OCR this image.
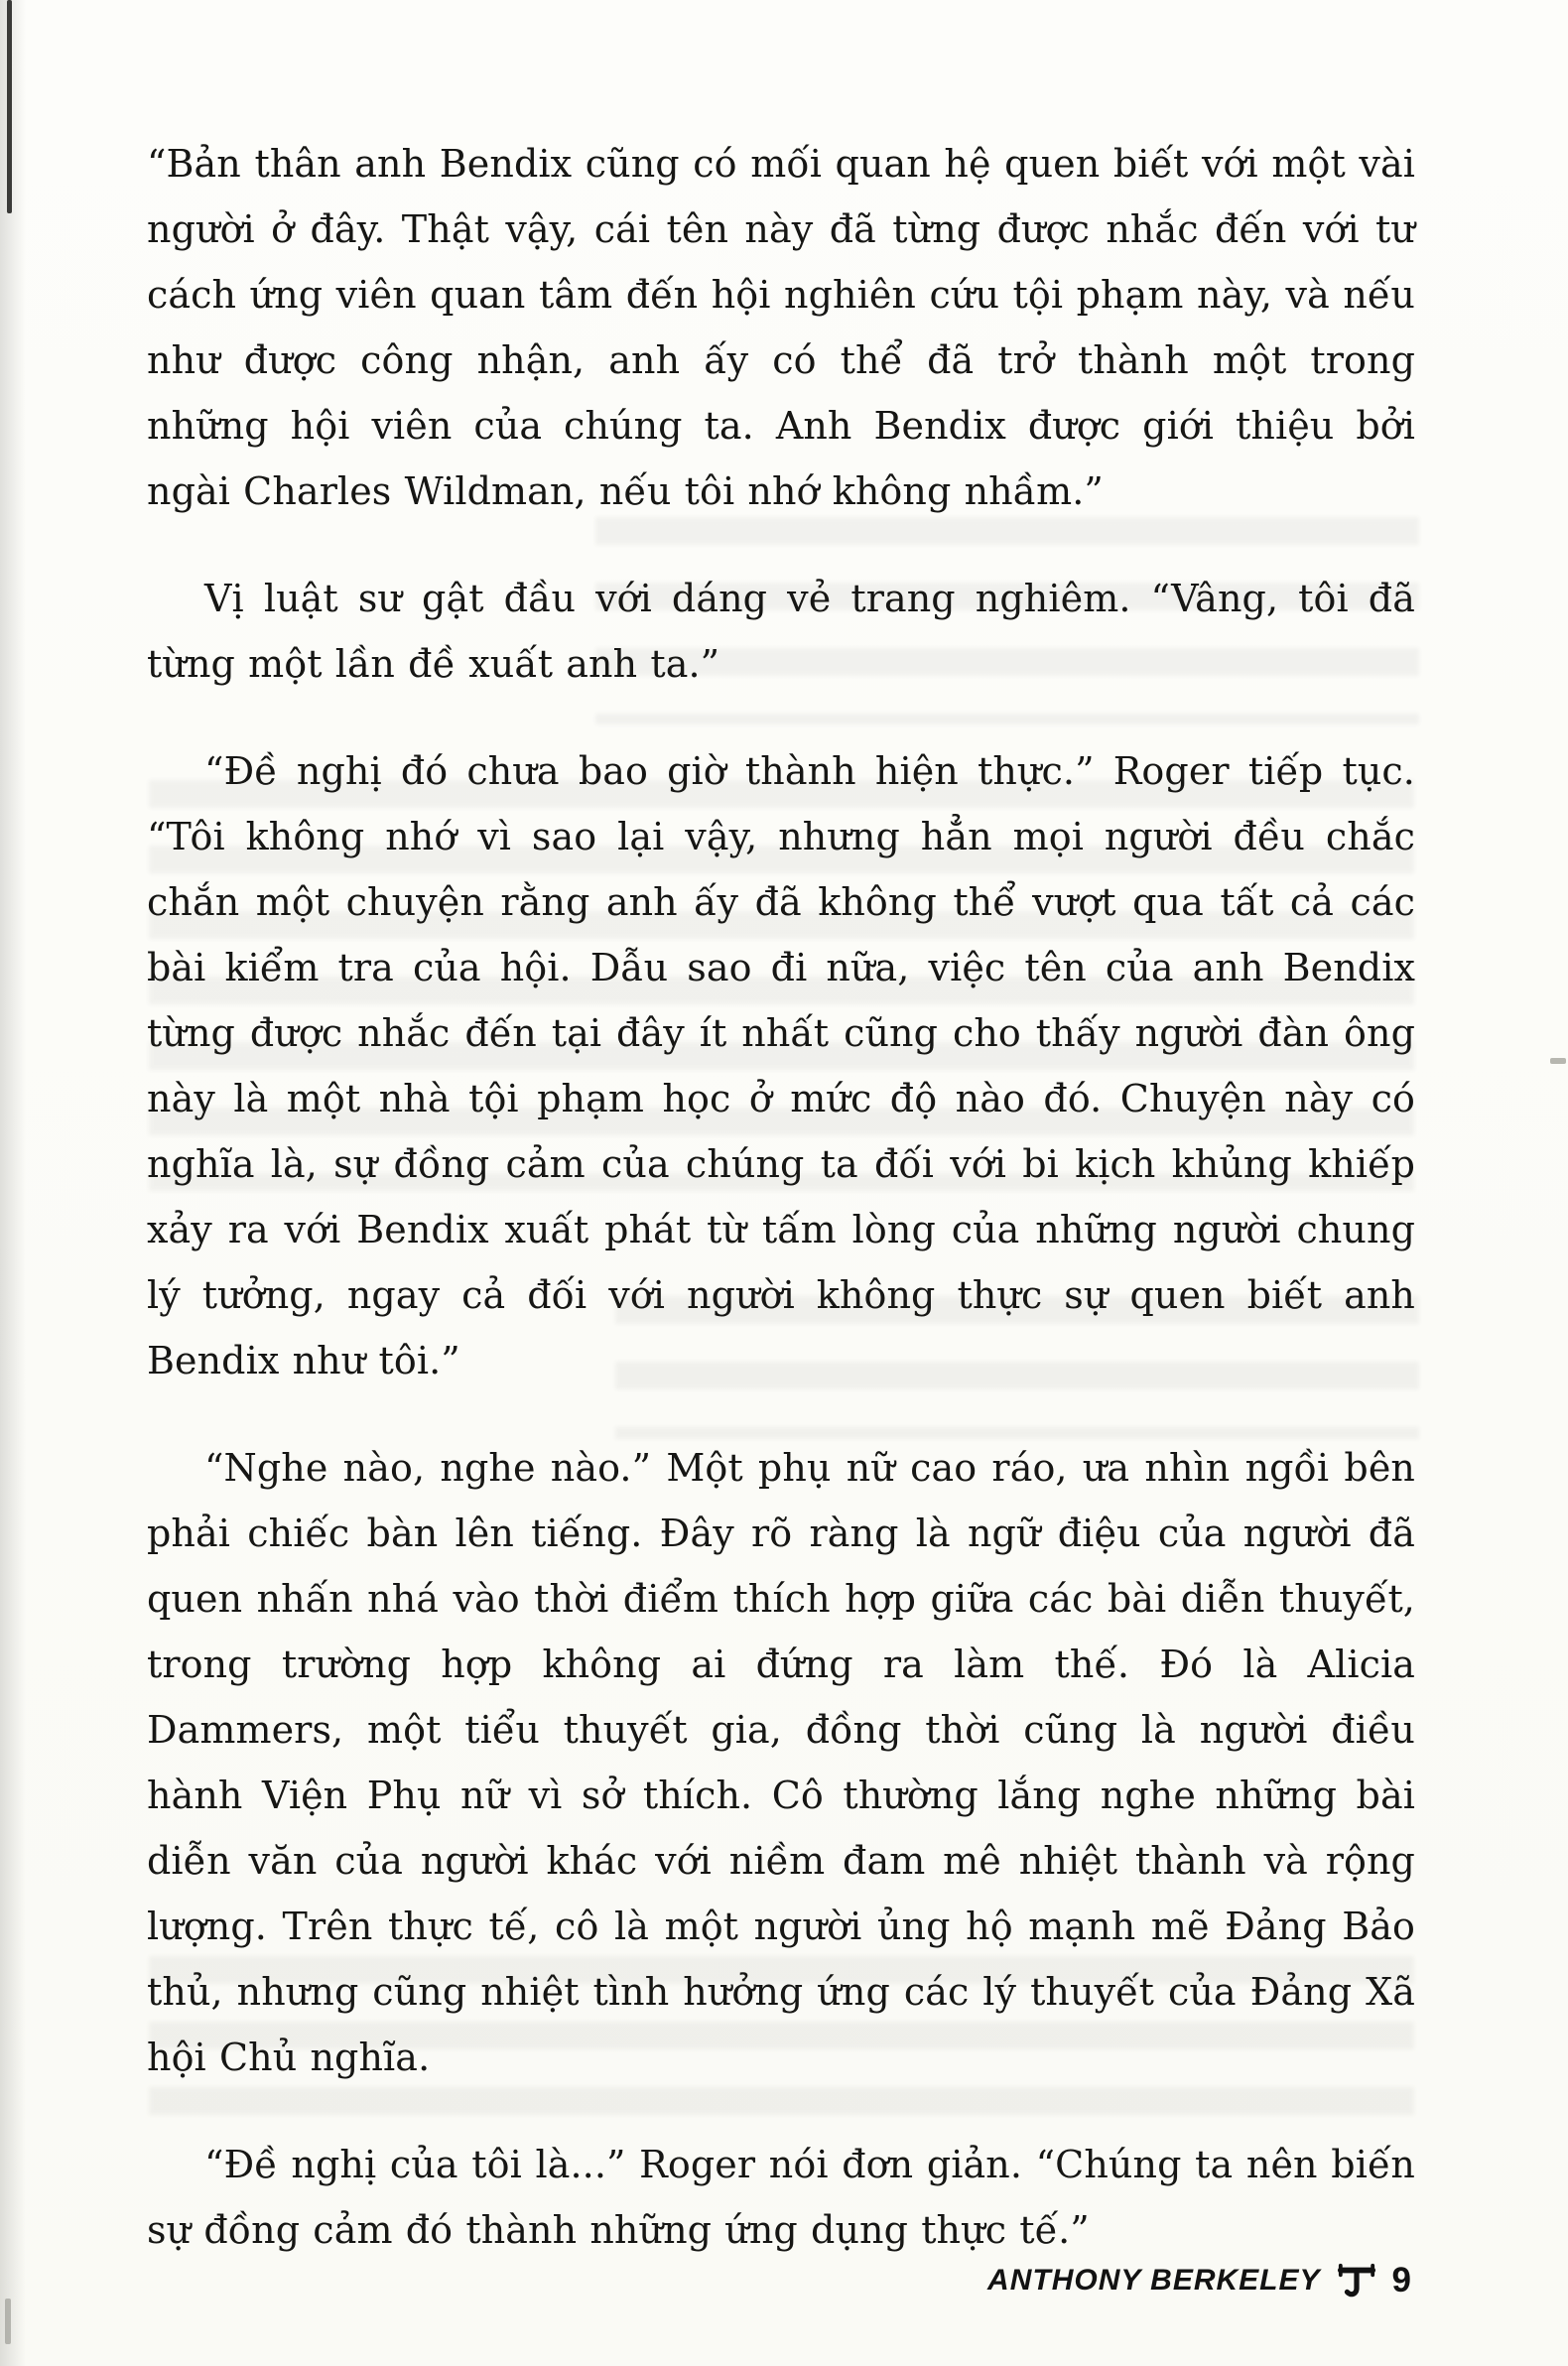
“Bản thân anh Bendix cũng có mối quan hệ quen biết với một vài người ở đây. Thật vậy, cái tên này đã từng được nhắc đến với tư cách ứng viên quan tâm đến hội nghiên cứu tội phạm này, và nếu như được công nhận, anh ấy có thể đã trở thành một trong những hội viên của chúng ta. Anh Bendix được giới thiệu bởi ngài Charles Wildman, nếu tôi nhớ không nhầm.”

Vị luật sư gật đầu với dáng vẻ trang nghiêm. “Vâng, tôi đã từng một lần đề xuất anh ta.”

“Đề nghị đó chưa bao giờ thành hiện thực.” Roger tiếp tục. “Tôi không nhớ vì sao lại vậy, nhưng hẳn mọi người đều chắc chắn một chuyện rằng anh ấy đã không thể vượt qua tất cả các bài kiểm tra của hội. Dẫu sao đi nữa, việc tên của anh Bendix từng được nhắc đến tại đây ít nhất cũng cho thấy người đàn ông này là một nhà tội phạm học ở mức độ nào đó. Chuyện này có nghĩa là, sự đồng cảm của chúng ta đối với bi kịch khủng khiếp xảy ra với Bendix xuất phát từ tấm lòng của những người chung lý tưởng, ngay cả đối với người không thực sự quen biết anh Bendix như tôi.”

“Nghe nào, nghe nào.” Một phụ nữ cao ráo, ưa nhìn ngồi bên phải chiếc bàn lên tiếng. Đây rõ ràng là ngữ điệu của người đã quen nhấn nhá vào thời điểm thích hợp giữa các bài diễn thuyết, trong trường hợp không ai đứng ra làm thế. Đó là Alicia Dammers, một tiểu thuyết gia, đồng thời cũng là người điều hành Viện Phụ nữ vì sở thích. Cô thường lắng nghe những bài diễn văn của người khác với niềm đam mê nhiệt thành và rộng lượng. Trên thực tế, cô là một người ủng hộ mạnh mẽ Đảng Bảo thủ, nhưng cũng nhiệt tình hưởng ứng các lý thuyết của Đảng Xã hội Chủ nghĩa.

“Đề nghị của tôi là...” Roger nói đơn giản. “Chúng ta nên biến sự đồng cảm đó thành những ứng dụng thực tế.”

ANTHONY BERKELEY 9
